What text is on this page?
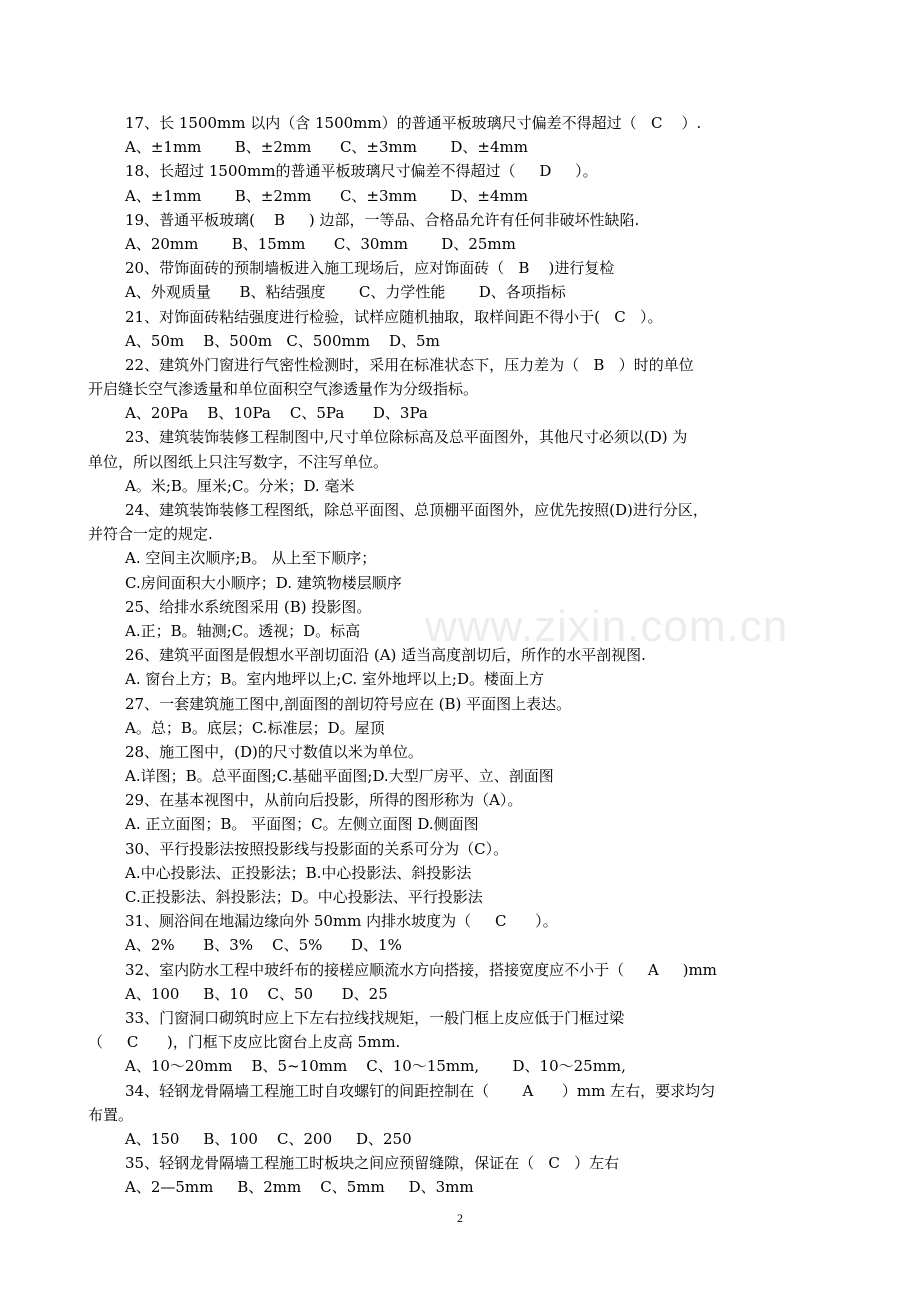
www.zixin.com.cn
17、长 1500mm 以内（含 1500mm）的普通平板玻璃尺寸偏差不得超过（   C    ）.
A、±1mm       B、±2mm      C、±3mm       D、±4mm
18、长超过 1500mm的普通平板玻璃尺寸偏差不得超过（     D     ）。
A、±1mm       B、±2mm      C、±3mm       D、±4mm
19、普通平板玻璃(    B     ) 边部，一等品、合格品允许有任何非破坏性缺陷.
A、20mm       B、15mm      C、30mm       D、25mm
20、带饰面砖的预制墙板进入施工现场后，应对饰面砖（   B    )进行复检
A、外观质量      B、粘结强度       C、力学性能       D、各项指标
21、对饰面砖粘结强度进行检验，试样应随机抽取，取样间距不得小于(   C   ）。
A、50m    B、500m   C、500mm    D、5m
22、建筑外门窗进行气密性检测时，采用在标准状态下，压力差为（   B   ）时的单位
开启缝长空气渗透量和单位面积空气渗透量作为分级指标。
A、20Pa    B、10Pa    C、5Pa      D、3Pa
23、建筑装饰装修工程制图中,尺寸单位除标高及总平面图外，其他尺寸必须以(D) 为
单位，所以图纸上只注写数字，不注写单位。
A。米;B。厘米;C。分米；D. 毫米
24、建筑装饰装修工程图纸，除总平面图、总顶棚平面图外，应优先按照(D)进行分区，
并符合一定的规定.
A. 空间主次顺序;B。 从上至下顺序；
C.房间面积大小顺序；D. 建筑物楼层顺序
25、给排水系统图采用 (B) 投影图。
A.正；B。轴测;C。透视；D。标高
26、建筑平面图是假想水平剖切面沿 (A) 适当高度剖切后，所作的水平剖视图.
A. 窗台上方；B。室内地坪以上;C. 室外地坪以上;D。楼面上方
27、一套建筑施工图中,剖面图的剖切符号应在 (B) 平面图上表达。
A。总；B。底层；C.标准层；D。屋顶
28、施工图中，(D)的尺寸数值以米为单位。
A.详图；B。总平面图;C.基础平面图;D.大型厂房平、立、剖面图
29、在基本视图中，从前向后投影，所得的图形称为（A）。
A. 正立面图；B。 平面图；C。左侧立面图 D.侧面图
30、平行投影法按照投影线与投影面的关系可分为（C）。
A.中心投影法、正投影法；B.中心投影法、斜投影法
C.正投影法、斜投影法；D。中心投影法、平行投影法
31、厕浴间在地漏边缘向外 50mm 内排水坡度为（     C      ）。
A、2%      B、3%    C、5%      D、1%
32、室内防水工程中玻纤布的接槎应顺流水方向搭接，搭接宽度应不小于（     A     )mm
A、100     B、10    C、50      D、25
33、门窗洞口砌筑时应上下左右拉线找规矩，一般门框上皮应低于门框过梁
（     C      )，门框下皮应比窗台上皮高 5mm.
A、10～20mm    B、5~10mm    C、10～15mm,       D、10～25mm,
34、轻钢龙骨隔墙工程施工时自攻螺钉的间距控制在（       A      ）mm 左右，要求均匀
布置。
A、150     B、100    C、200     D、250
35、轻钢龙骨隔墙工程施工时板块之间应预留缝隙，保证在（   C   ）左右
A、2—5mm     B、2mm    C、5mm     D、3mm
2
